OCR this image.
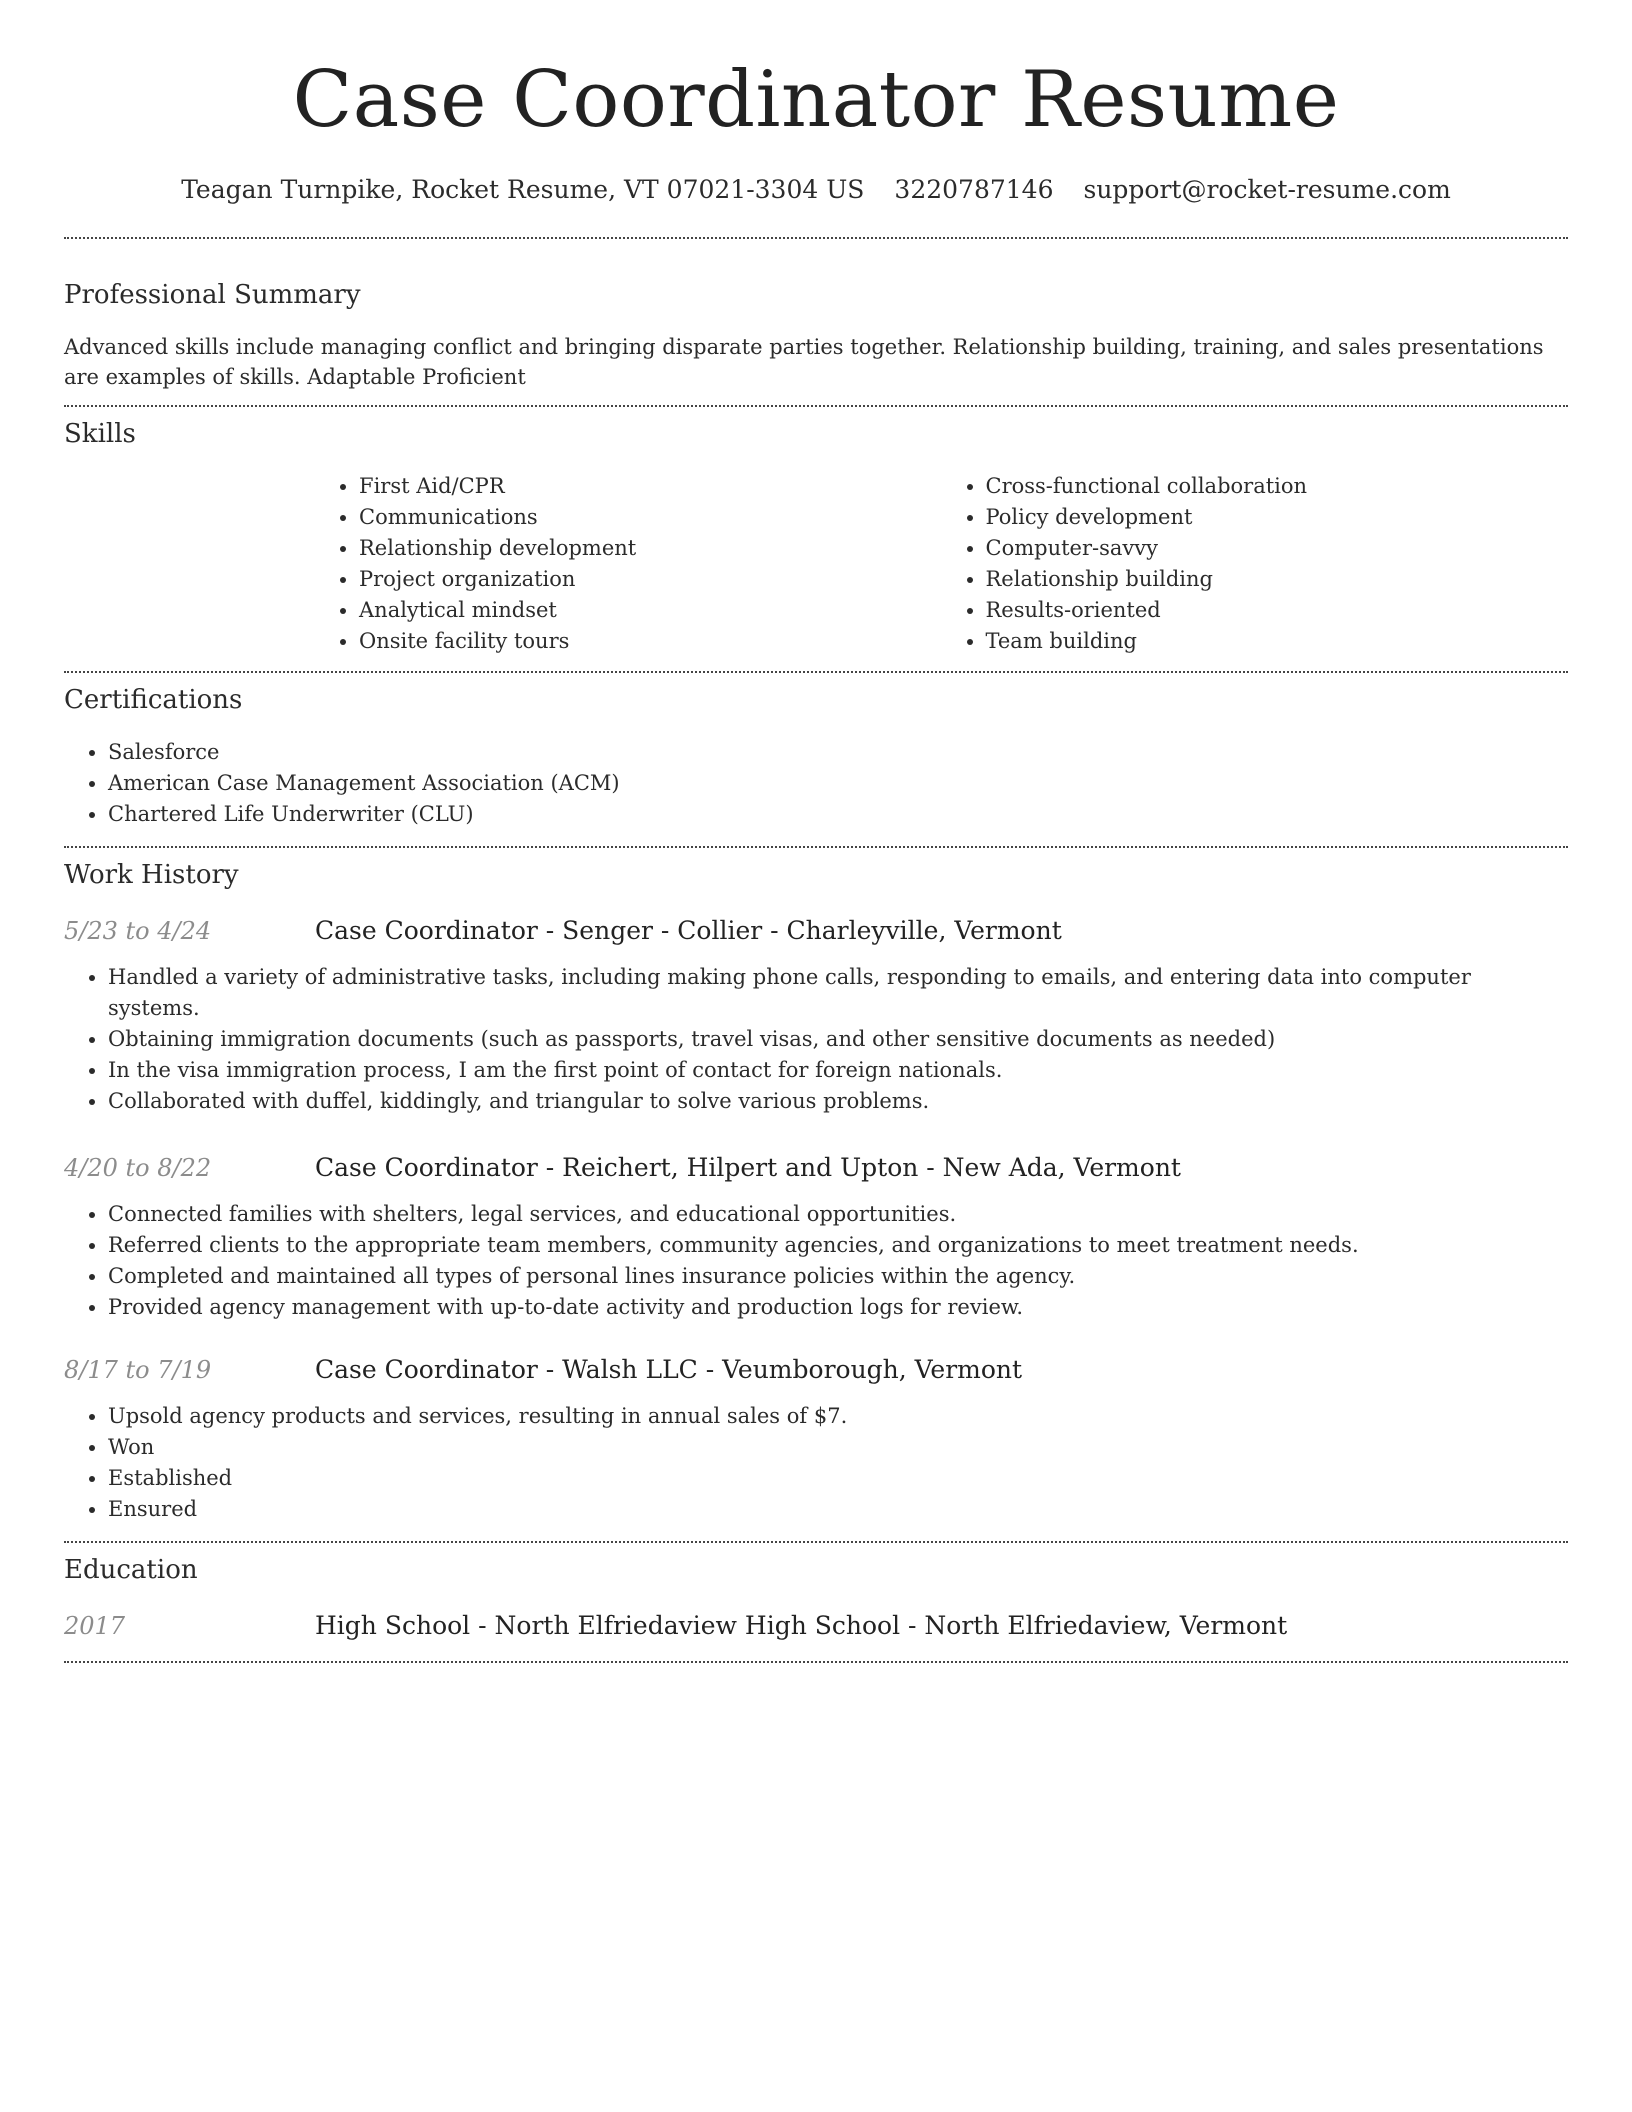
Case Coordinator Resume
Teagan Turnpike, Rocket Resume, VT 07021-3304 US 3220787146 support@rocket-resume.com
Professional Summary

Advanced skills include managing conflict and bringing disparate parties together. Relationship building, training, and sales presentations are examples of skills. Adaptable Proficient

Skills
• First Aid/CPR
• Communications
• Relationship development
• Project organization
• Analytical mindset
• Onsite facility tours
• Cross-functional collaboration
• Policy development
• Computer-savvy
• Relationship building
• Results-oriented
• Team building
Certifications
• Salesforce
• American Case Management Association (ACM)
• Chartered Life Underwriter (CLU)
Work History
5/23 to 4/24	Case Coordinator - Senger - Collier - Charleyville, Vermont
• Handled a variety of administrative tasks, including making phone calls, responding to emails, and entering data into computer systems.
• Obtaining immigration documents (such as passports, travel visas, and other sensitive documents as needed)
• In the visa immigration process, I am the first point of contact for foreign nationals.
• Collaborated with duffel, kiddingly, and triangular to solve various problems.
4/20 to 8/22	Case Coordinator - Reichert, Hilpert and Upton - New Ada, Vermont
• Connected families with shelters, legal services, and educational opportunities.
• Referred clients to the appropriate team members, community agencies, and organizations to meet treatment needs.
• Completed and maintained all types of personal lines insurance policies within the agency.
• Provided agency management with up-to-date activity and production logs for review.
8/17 to 7/19	Case Coordinator - Walsh LLC - Veumborough, Vermont
• Upsold agency products and services, resulting in annual sales of $7.
• Won
• Established
• Ensured
Education
2017	High School - North Elfriedaview High School - North Elfriedaview, Vermont
